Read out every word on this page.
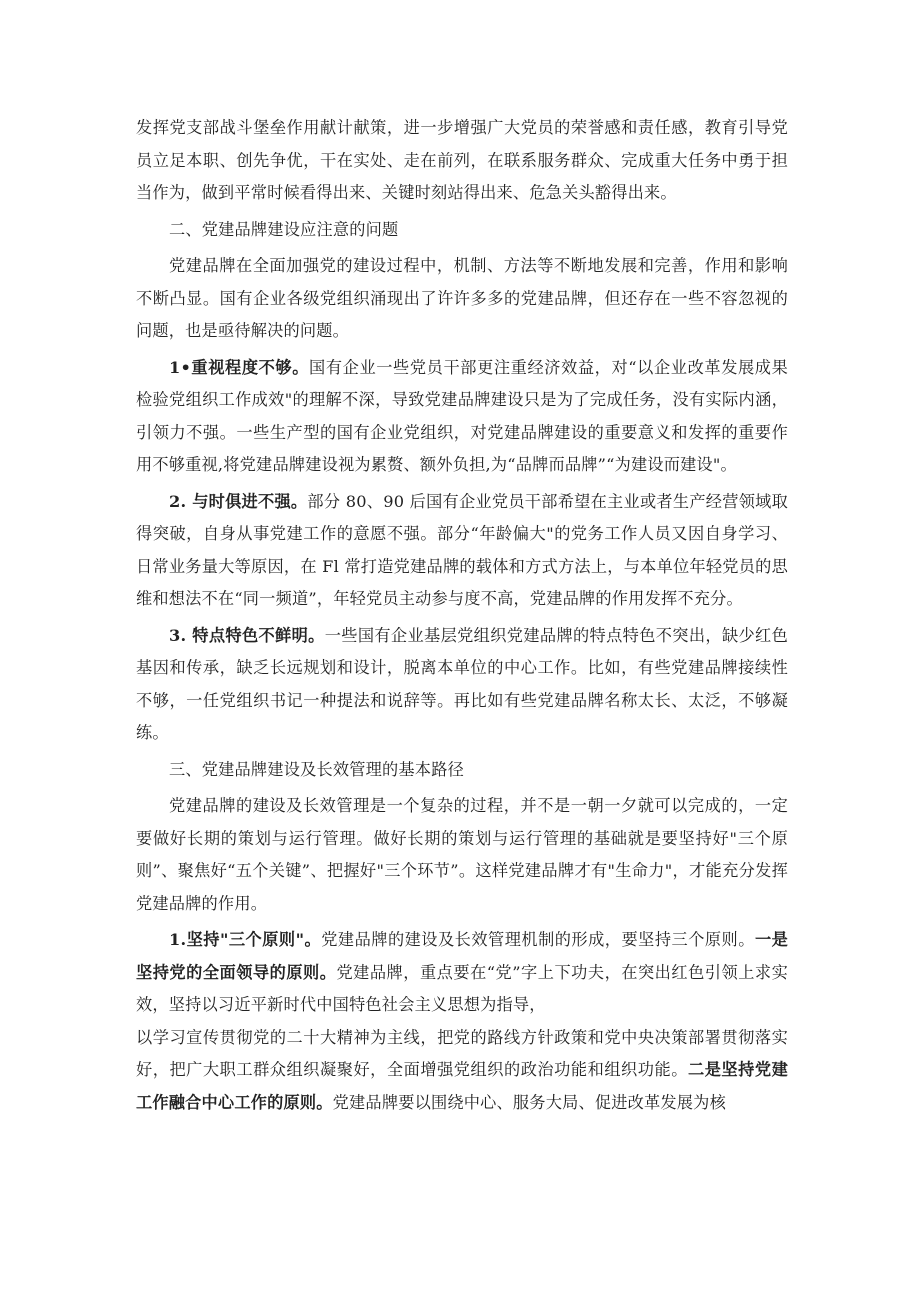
发挥党支部战斗堡垒作用献计献策，进一步增强广大党员的荣誉感和责任感，教育引导党员立足本职、创先争优，干在实处、走在前列，在联系服务群众、完成重大任务中勇于担当作为，做到平常时候看得出来、关键时刻站得出来、危急关头豁得出来。

二、党建品牌建设应注意的问题

党建品牌在全面加强党的建设过程中，机制、方法等不断地发展和完善，作用和影响不断凸显。国有企业各级党组织涌现出了许许多多的党建品牌，但还存在一些不容忽视的问题，也是亟待解决的问题。

1•重视程度不够。国有企业一些党员干部更注重经济效益，对“以企业改革发展成果检验党组织工作成效"的理解不深，导致党建品牌建设只是为了完成任务，没有实际内涵，引领力不强。一些生产型的国有企业党组织，对党建品牌建设的重要意义和发挥的重要作用不够重视,将党建品牌建设视为累赘、额外负担,为“品牌而品牌”“为建设而建设"。

2. 与时俱进不强。部分 80、90 后国有企业党员干部希望在主业或者生产经营领域取得突破，自身从事党建工作的意愿不强。部分“年龄偏大"的党务工作人员又因自身学习、日常业务量大等原因，在 Fl 常打造党建品牌的载体和方式方法上，与本单位年轻党员的思维和想法不在“同一频道”，年轻党员主动参与度不高，党建品牌的作用发挥不充分。

3. 特点特色不鲜明。一些国有企业基层党组织党建品牌的特点特色不突出，缺少红色基因和传承，缺乏长远规划和设计，脱离本单位的中心工作。比如，有些党建品牌接续性不够，一任党组织书记一种提法和说辞等。再比如有些党建品牌名称太长、太泛，不够凝练。

三、党建品牌建设及长效管理的基本路径

党建品牌的建设及长效管理是一个复杂的过程，并不是一朝一夕就可以完成的，一定要做好长期的策划与运行管理。做好长期的策划与运行管理的基础就是要坚持好"三个原则”、聚焦好“五个关键”、把握好"三个环节”。这样党建品牌才有"生命力"，才能充分发挥党建品牌的作用。

1.坚持"三个原则"。党建品牌的建设及长效管理机制的形成，要坚持三个原则。一是坚持党的全面领导的原则。党建品牌，重点要在“党”字上下功夫，在突出红色引领上求实效，坚持以习近平新时代中国特色社会主义思想为指导，

以学习宣传贯彻党的二十大精神为主线，把党的路线方针政策和党中央决策部署贯彻落实好，把广大职工群众组织凝聚好，全面增强党组织的政治功能和组织功能。二是坚持党建工作融合中心工作的原则。党建品牌要以围绕中心、服务大局、促进改革发展为核
